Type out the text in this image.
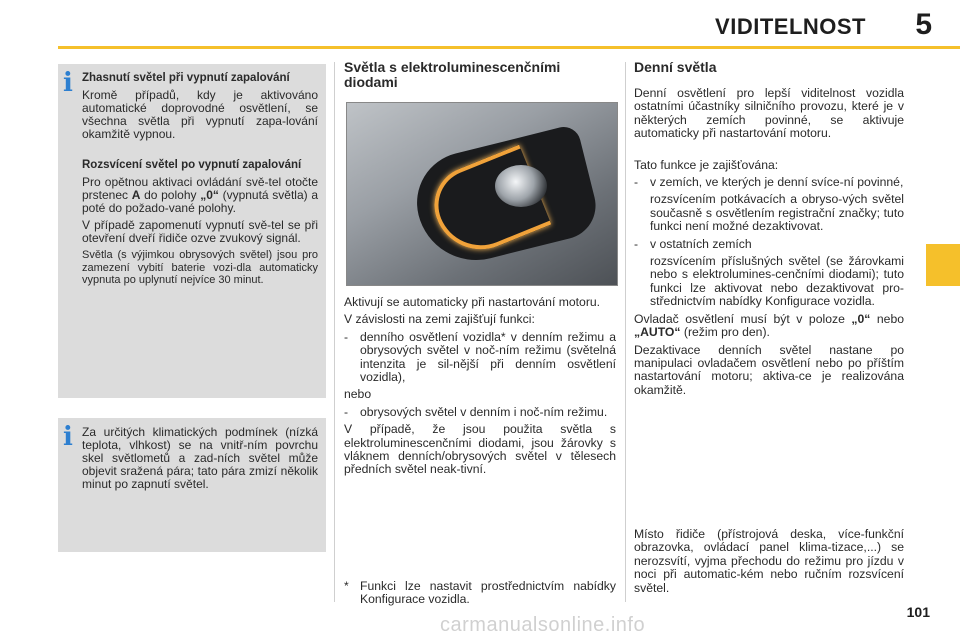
VIDITELNOST 5
i Zhasnutí světel při vypnutí zapalování
Kromě případů, kdy je aktivováno automatické doprovodné osvětlení, se všechna světla při vypnutí zapa-lování okamžitě vypnou.
Rozsvícení světel po vypnutí zapalování
Pro opětnou aktivaci ovládání svě-tel otočte prstenec A do polohy „0“ (vypnutá světla) a poté do požado-vané polohy.
V případě zapomenutí vypnutí svě-tel se při otevření dveří řidiče ozve zvukový signál.
Světla (s výjimkou obrysových světel) jsou pro zamezení vybití baterie vozi-dla automaticky vypnuta po uplynutí nejvíce 30 minut.
i Za určitých klimatických podmínek (nízká teplota, vlhkost) se na vnitř-ním povrchu skel světlometů a zad-ních světel může objevit sražená pára; tato pára zmizí několik minut po zapnutí světel.
Světla s elektroluminescenčními diodami

Aktivují se automaticky při nastartování motoru.

V závislosti na zemi zajišťují funkci:

- denního osvětlení vozidla* v denním režimu a obrysových světel v noč-ním režimu (světelná intenzita je sil-nější při denním osvětlení vozidla),

nebo

- obrysových světel v denním i noč-ním režimu.

V případě, že jsou použita světla s elektroluminescenčními diodami, jsou žárovky s vláknem denních/obrysových světel v tělesech předních světel neak-tivní.

* Funkci lze nastavit prostřednictvím nabídky Konfigurace vozidla.
Denní světla

Denní osvětlení pro lepší viditelnost vozidla ostatními účastníky silničního provozu, které je v některých zemích povinné, se aktivuje automaticky při nastartování motoru.

Tato funkce je zajišťována:

- v zemích, ve kterých je denní svíce-ní povinné,

rozsvícením potkávacích a obryso-vých světel současně s osvětlením registrační značky; tuto funkci není možné dezaktivovat.

- v ostatních zemích

rozsvícením příslušných světel (se žárovkami nebo s elektrolumines-cenčními diodami); tuto funkci lze aktivovat nebo dezaktivovat pro-střednictvím nabídky Konfigurace vozidla.

Ovladač osvětlení musí být v poloze „0“ nebo „AUTO“ (režim pro den).

Dezaktivace denních světel nastane po manipulaci ovladačem osvětlení nebo po příštím nastartování motoru; aktiva-ce je realizována okamžitě.

Místo řidiče (přístrojová deska, více-funkční obrazovka, ovládací panel klima-tizace,...) se nerozsvítí, vyjma přechodu do režimu pro jízdu v noci při automatic-kém nebo ručním rozsvícení světel.

101
carmanualsonline.info
